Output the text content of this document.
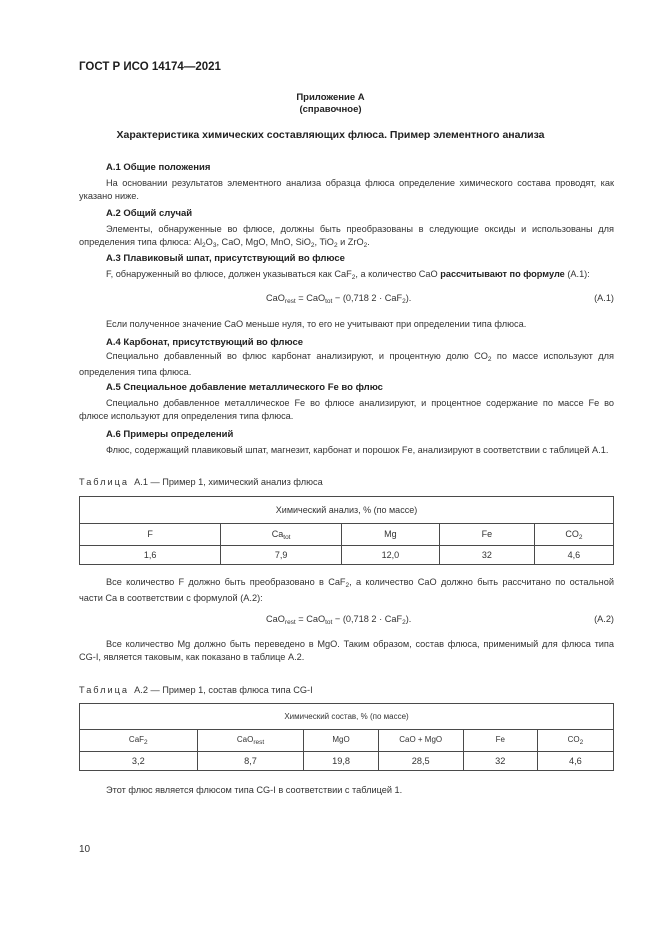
ГОСТ Р ИСО 14174—2021
Приложение А
(справочное)
Характеристика химических составляющих флюса. Пример элементного анализа
А.1 Общие положения
На основании результатов элементного анализа образца флюса определение химического состава проводят, как указано ниже.
А.2 Общий случай
Элементы, обнаруженные во флюсе, должны быть преобразованы в следующие оксиды и использованы для определения типа флюса: $Al_2O_3$, CaO, MgO, MnO, SiO$_2$, TiO$_2$ и ZrO$_2$.
А.3 Плавиковый шпат, присутствующий во флюсе
F, обнаруженный во флюсе, должен указываться как CaF$_2$, а количество CaO рассчитывают по формуле (А.1):
CaO$_{rest}$ = CaO$_{tot}$ − (0,718 2 · CaF$_2$).	(А.1)
Если полученное значение CaO меньше нуля, то его не учитывают при определении типа флюса.
А.4 Карбонат, присутствующий во флюсе
Специально добавленный во флюс карбонат анализируют, и процентную долю $CO_2$ по массе используют для определения типа флюса.
А.5 Специальное добавление металлического Fe во флюс
Специально добавленное металлическое Fe во флюсе анализируют, и процентное содержание по массе Fe во флюсе используют для определения типа флюса.
А.6 Примеры определений
Флюс, содержащий плавиковый шпат, магнезит, карбонат и порошок Fe, анализируют в соответствии с таблицей А.1.
Таблица А.1 — Пример 1, химический анализ флюса
Химический анализ, % (по массе)				
F	$Ca_{tot}$	Mg	Fe	$CO_2$
1,6	7,9	12,0	32	4,6
Все количество F должно быть преобразовано в CaF$_2$, а количество CaO должно быть рассчитано по остальной части Ca в соответствии с формулой (А.2):
CaO$_{rest}$ = CaO$_{tot}$ − (0,718 2 · CaF$_2$).	(А.2)
Все количество Mg должно быть переведено в MgO. Таким образом, состав флюса, применимый для флюса типа CG-I, является таковым, как показано в таблице А.2.
Таблица А.2 — Пример 1, состав флюса типа CG-I
Химический состав, % (по массе)					
CaF$_2$	CaO$_{rest}$	MgO	CaO + MgO	Fe	$CO_2$
3,2	8,7	19,8	28,5	32	4,6
Этот флюс является флюсом типа CG-I в соответствии с таблицей 1.
10
